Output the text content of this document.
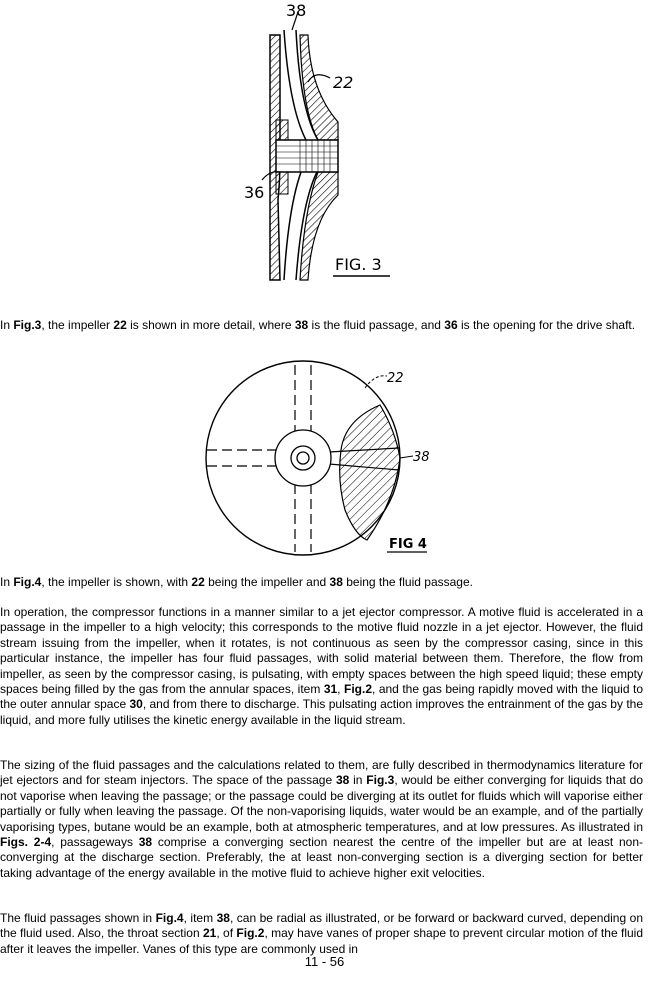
38
22
36
FIG. 3

In Fig.3, the impeller 22 is shown in more detail, where 38 is the fluid passage, and 36 is the opening for the drive shaft.

22
38
FIG 4

In Fig.4, the impeller is shown, with 22 being the impeller and 38 being the fluid passage.

In operation, the compressor functions in a manner similar to a jet ejector compressor. A motive fluid is accelerated in a passage in the impeller to a high velocity; this corresponds to the motive fluid nozzle in a jet ejector. However, the fluid stream issuing from the impeller, when it rotates, is not continuous as seen by the compressor casing, since in this particular instance, the impeller has four fluid passages, with solid material between them. Therefore, the flow from impeller, as seen by the compressor casing, is pulsating, with empty spaces between the high speed liquid; these empty spaces being filled by the gas from the annular spaces, item 31, Fig.2, and the gas being rapidly moved with the liquid to the outer annular space 30, and from there to discharge. This pulsating action improves the entrainment of the gas by the liquid, and more fully utilises the kinetic energy available in the liquid stream.

The sizing of the fluid passages and the calculations related to them, are fully described in thermodynamics literature for jet ejectors and for steam injectors. The space of the passage 38 in Fig.3, would be either converging for liquids that do not vaporise when leaving the passage; or the passage could be diverging at its outlet for fluids which will vaporise either partially or fully when leaving the passage. Of the non-vaporising liquids, water would be an example, and of the partially vaporising types, butane would be an example, both at atmospheric temperatures, and at low pressures. As illustrated in Figs. 2-4, passageways 38 comprise a converging section nearest the centre of the impeller but are at least non-converging at the discharge section. Preferably, the at least non-converging section is a diverging section for better taking advantage of the energy available in the motive fluid to achieve higher exit velocities.

The fluid passages shown in Fig.4, item 38, can be radial as illustrated, or be forward or backward curved, depending on the fluid used. Also, the throat section 21, of Fig.2, may have vanes of proper shape to prevent circular motion of the fluid after it leaves the impeller. Vanes of this type are commonly used in

11 - 56
